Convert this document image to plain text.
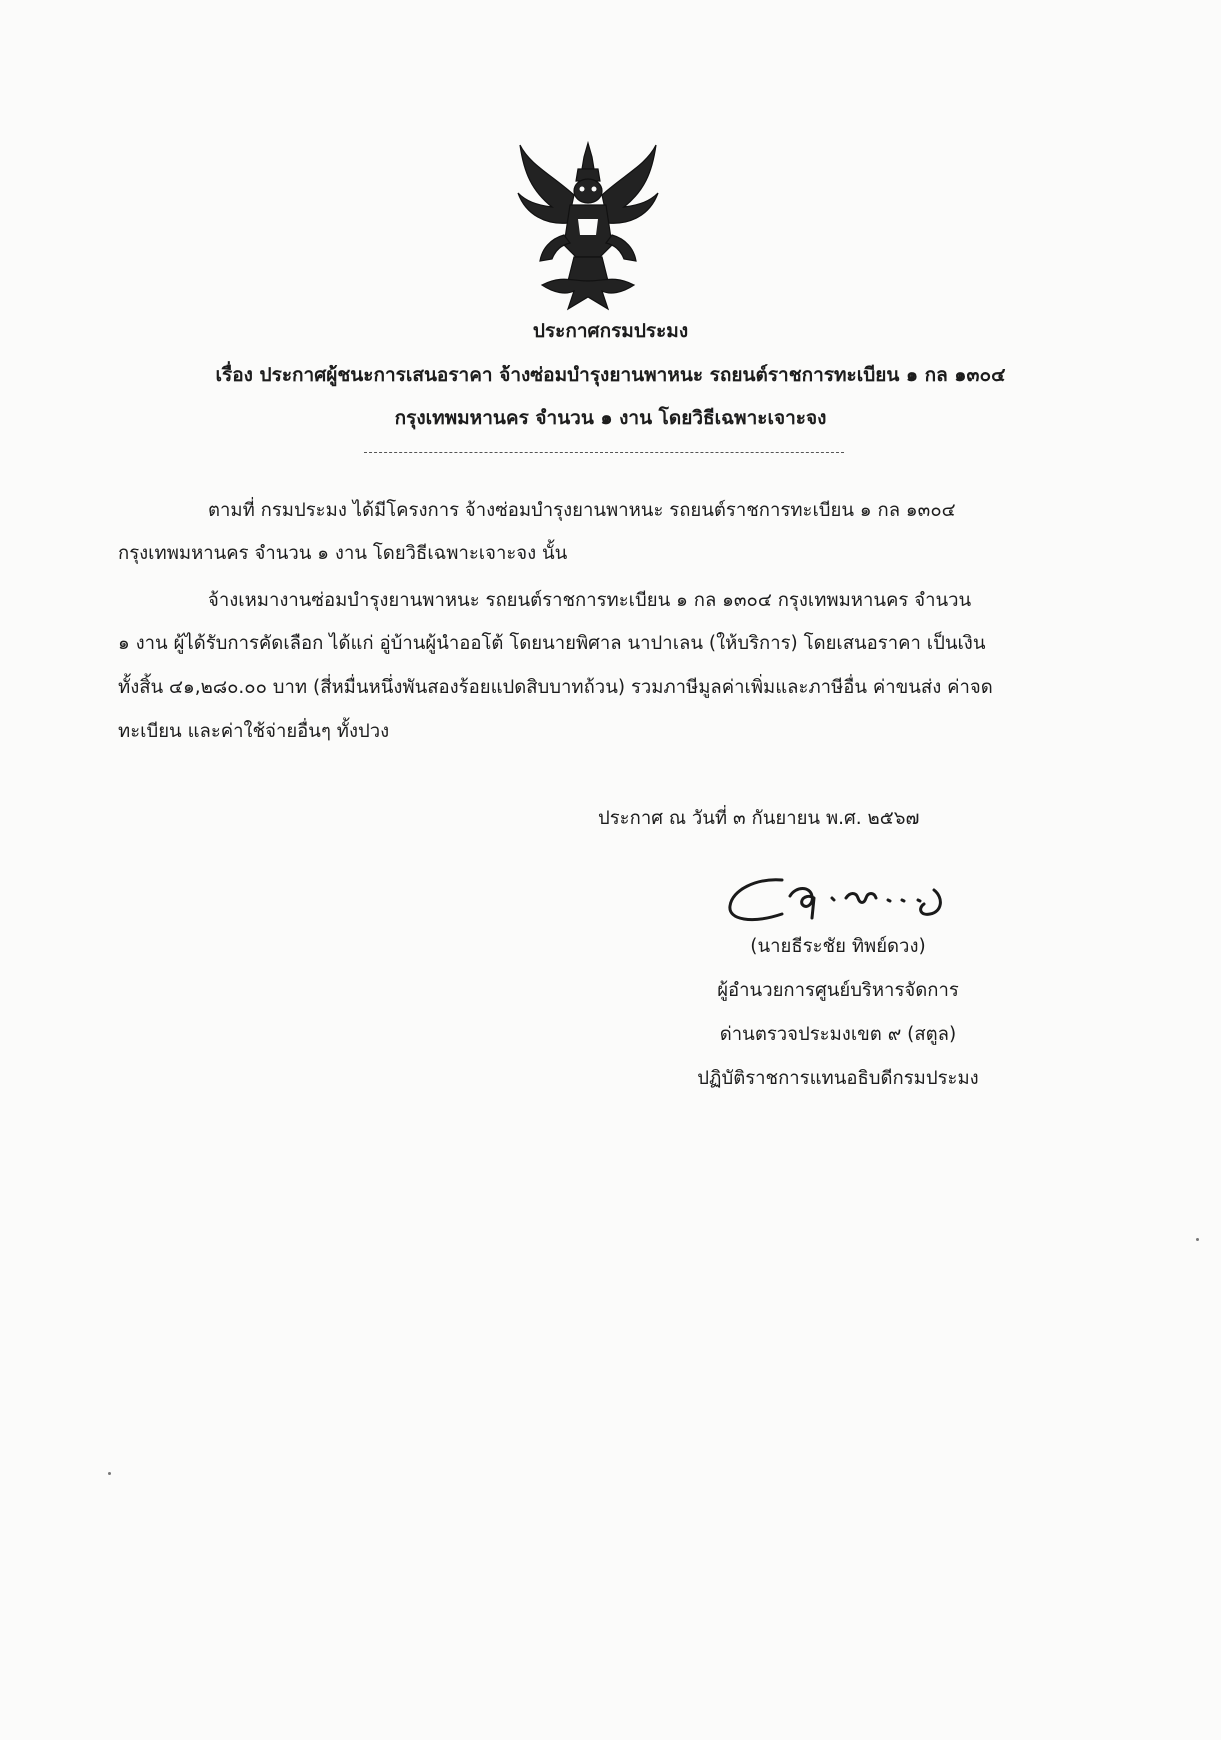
ประกาศกรมประมง
เรื่อง ประกาศผู้ชนะการเสนอราคา จ้างซ่อมบำรุงยานพาหนะ รถยนต์ราชการทะเบียน ๑ กล ๑๓๐๔
กรุงเทพมหานคร จำนวน ๑ งาน โดยวิธีเฉพาะเจาะจง
ตามที่ กรมประมง ได้มีโครงการ จ้างซ่อมบำรุงยานพาหนะ รถยนต์ราชการทะเบียน ๑ กล ๑๓๐๔
กรุงเทพมหานคร จำนวน ๑ งาน โดยวิธีเฉพาะเจาะจง นั้น
จ้างเหมางานซ่อมบำรุงยานพาหนะ รถยนต์ราชการทะเบียน ๑ กล ๑๓๐๔ กรุงเทพมหานคร จำนวน
๑ งาน ผู้ได้รับการคัดเลือก ได้แก่ อู่บ้านผู้นำออโต้ โดยนายพิศาล นาปาเลน (ให้บริการ) โดยเสนอราคา เป็นเงิน
ทั้งสิ้น ๔๑,๒๘๐.๐๐ บาท (สี่หมื่นหนึ่งพันสองร้อยแปดสิบบาทถ้วน) รวมภาษีมูลค่าเพิ่มและภาษีอื่น ค่าขนส่ง ค่าจด
ทะเบียน และค่าใช้จ่ายอื่นๆ ทั้งปวง
ประกาศ ณ วันที่ ๓ กันยายน พ.ศ. ๒๕๖๗
(นายธีระชัย ทิพย์ดวง)
ผู้อำนวยการศูนย์บริหารจัดการ
ด่านตรวจประมงเขต ๙ (สตูล)
ปฏิบัติราชการแทนอธิบดีกรมประมง
